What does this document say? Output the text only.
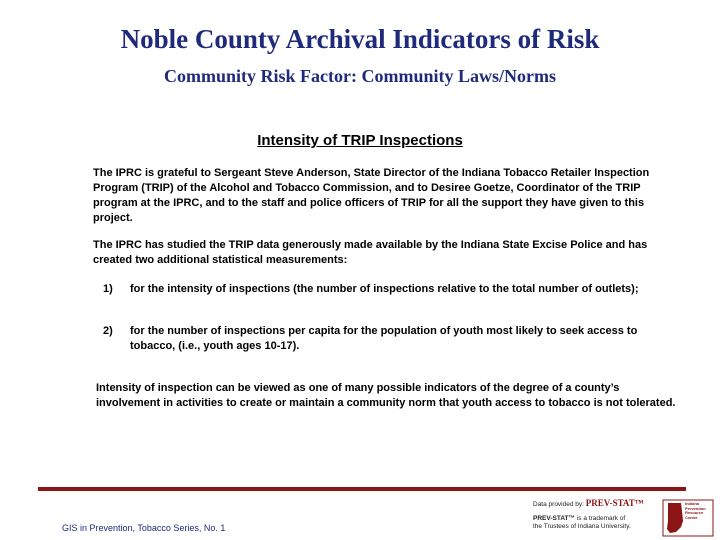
Noble County Archival Indicators of Risk
Community Risk Factor: Community Laws/Norms
Intensity of TRIP Inspections

The IPRC is grateful to Sergeant Steve Anderson, State Director of the Indiana Tobacco Retailer Inspection Program (TRIP) of the Alcohol and Tobacco Commission, and to Desiree Goetze, Coordinator of the TRIP program at the IPRC, and to the staff and police officers of TRIP for all the support they have given to this project.

The IPRC has studied the TRIP data generously made available by the Indiana State Excise Police and has created two additional statistical measurements:

1)	for the intensity of inspections (the number of inspections relative to the total number of outlets);
2)	for the number of inspections per capita for the population of youth most likely to seek access to tobacco, (i.e., youth ages 10-17).

Intensity of inspection can be viewed as one of many possible indicators of the degree of a county’s involvement in activities to create or maintain a community norm that youth access to tobacco is not tolerated.

GIS in Prevention, Tobacco Series, No. 1
Data provided by: PREV-STAT™
PREV-STAT™ is a trademark of
the Trustees of Indiana University.
Indiana Prevention Resource Center
